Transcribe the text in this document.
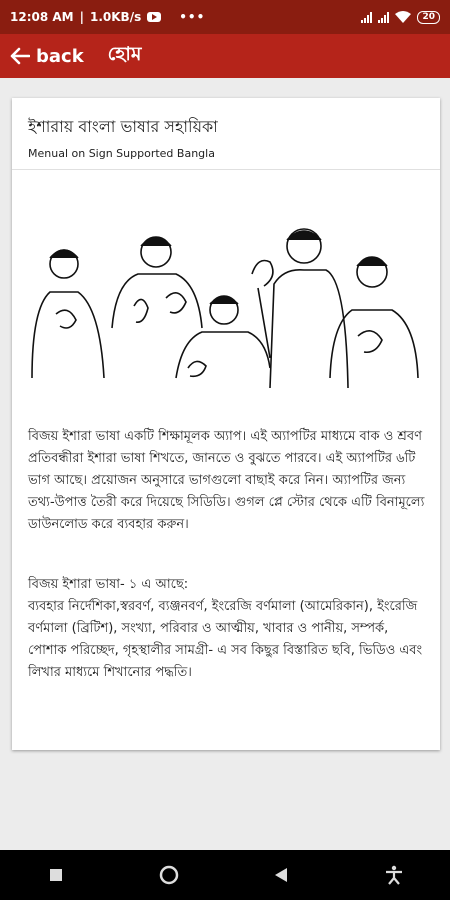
12:08 AM | 1.0KB/s	•••	20
back হোম
ইশারায় বাংলা ভাষার সহায়িকা
Menual on Sign Supported Bangla

বিজয় ইশারা ভাষা একটি শিক্ষামূলক অ্যাপ। এই অ্যাপটির মাধ্যমে বাক ও শ্রবণ প্রতিবন্ধীরা ইশারা ভাষা শিখতে, জানতে ও বুঝতে পারবে। এই অ্যাপটির ৬টি ভাগ আছে। প্রয়োজন অনুসারে ভাগগুলো বাছাই করে নিন। অ্যাপটির জন্য তথ্য-উপাত্ত তৈরী করে দিয়েছে সিডিডি। গুগল প্লে স্টোর থেকে এটি বিনামূল্যে ডাউনলোড করে ব্যবহার করুন।

বিজয় ইশারা ভাষা- ১ এ আছে:

ব্যবহার নির্দেশিকা,স্বরবর্ণ, ব্যঞ্জনবর্ণ, ইংরেজি বর্ণমালা (আমেরিকান), ইংরেজি বর্ণমালা (ব্রিটিশ), সংখ্যা, পরিবার ও আত্মীয়, খাবার ও পানীয়, সম্পর্ক, পোশাক পরিচ্ছেদ, গৃহস্থালীর সামগ্রী- এ সব কিছুর বিস্তারিত ছবি, ভিডিও এবং লিখার মাধ্যমে শিখানোর পদ্ধতি।
